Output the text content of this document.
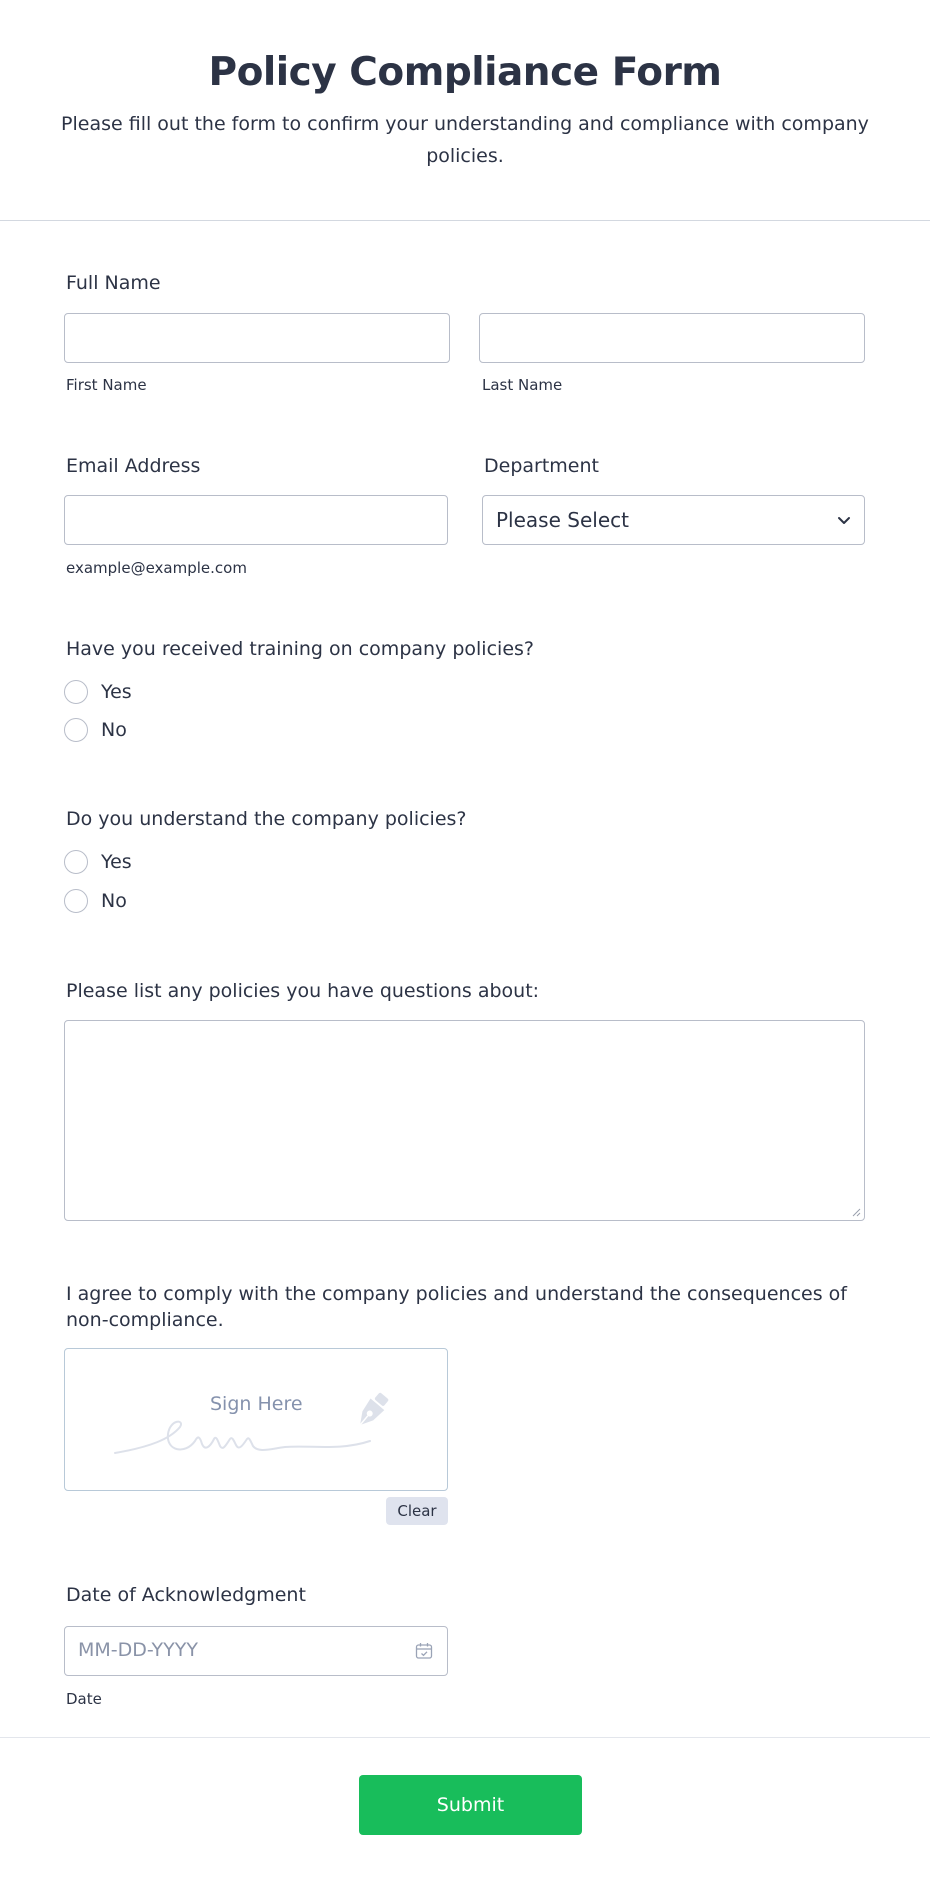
Policy Compliance Form
Please fill out the form to confirm your understanding and compliance with company policies.
Full Name
First Name	Last Name
Email Address
example@example.com
Department
Please Select
Have you received training on company policies?
Yes
No
Do you understand the company policies?
Yes
No
Please list any policies you have questions about:
I agree to comply with the company policies and understand the consequences of non-compliance.
Sign Here
Clear
Date of Acknowledgment
MM-DD-YYYY
Date
Submit
